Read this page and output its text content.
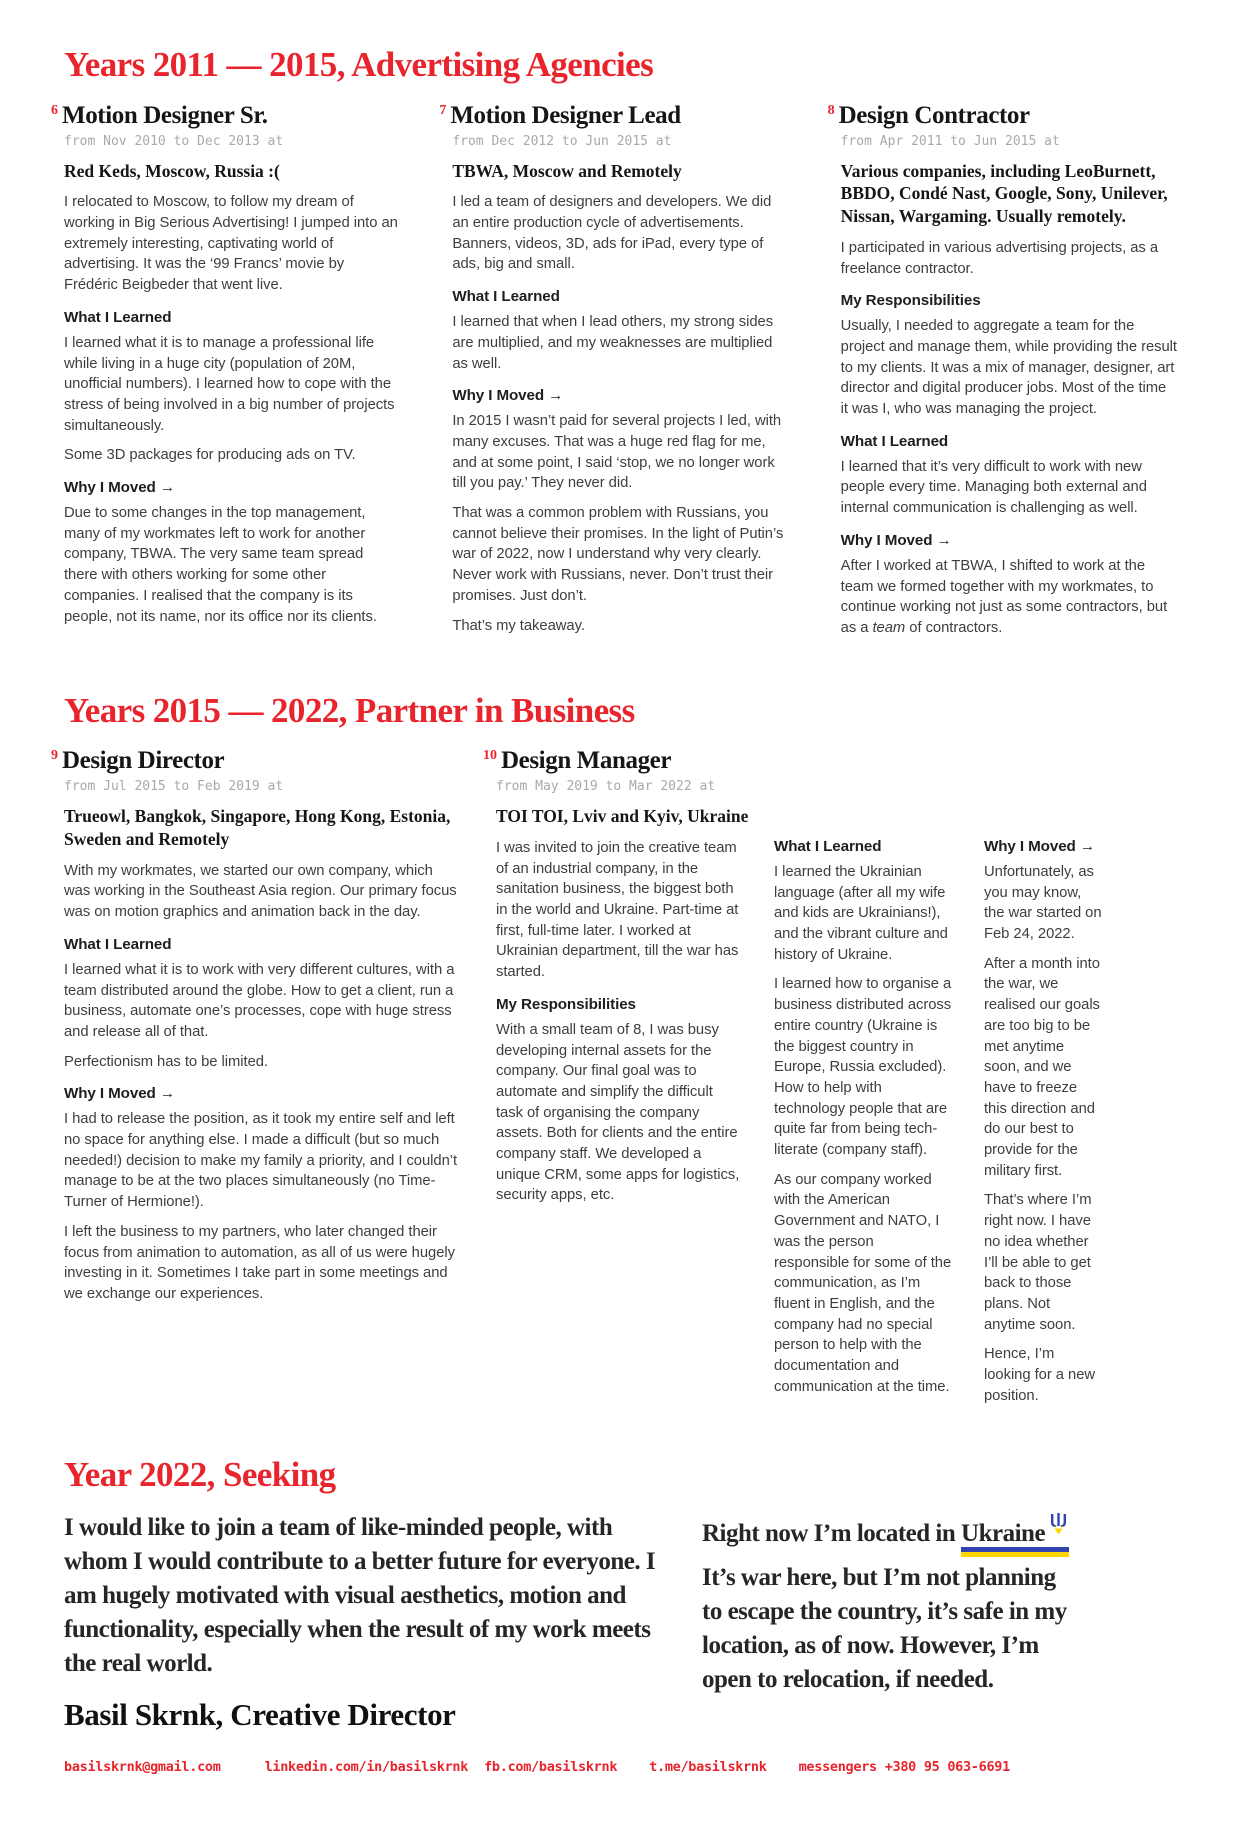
Years 2011 — 2015, Advertising Agencies
$^6$ Motion Designer Sr.
from Nov 2010 to Dec 2013 at
Red Keds, Moscow, Russia :(

I relocated to Moscow, to follow my dream of working in Big Serious Advertising! I jumped into an extremely interesting, captivating world of advertising. It was the ‘99 Francs’ movie by Frédéric Beigbeder that went live.

What I Learned

I learned what it is to manage a professional life while living in a huge city (population of 20M, unofficial numbers). I learned how to cope with the stress of being involved in a big number of projects simultaneously.

Some 3D packages for producing ads on TV.

Why I Moved →

Due to some changes in the top management, many of my workmates left to work for another company, TBWA. The very same team spread there with others working for some other companies. I realised that the company is its people, not its name, nor its office nor its clients.

$^7$ Motion Designer Lead
from Dec 2012 to Jun 2015 at
TBWA, Moscow and Remotely

I led a team of designers and developers. We did an entire production cycle of advertisements. Banners, videos, 3D, ads for iPad, every type of ads, big and small.

What I Learned

I learned that when I lead others, my strong sides are multiplied, and my weaknesses are multiplied as well.

Why I Moved →

In 2015 I wasn’t paid for several projects I led, with many excuses. That was a huge red flag for me, and at some point, I said ‘stop, we no longer work till you pay.’ They never did.

That was a common problem with Russians, you cannot believe their promises. In the light of Putin’s war of 2022, now I understand why very clearly. Never work with Russians, never. Don’t trust their promises. Just don’t.

That’s my takeaway.

$^8$ Design Contractor
from Apr 2011 to Jun 2015 at
Various companies, including LeoBurnett, BBDO, Condé Nast, Google, Sony, Unilever, Nissan, Wargaming. Usually remotely.

I participated in various advertising projects, as a freelance contractor.

My Responsibilities

Usually, I needed to aggregate a team for the project and manage them, while providing the result to my clients. It was a mix of manager, designer, art director and digital producer jobs. Most of the time it was I, who was managing the project.

What I Learned

I learned that it’s very difficult to work with new people every time. Managing both external and internal communication is challenging as well.

Why I Moved →

After I worked at TBWA, I shifted to work at the team we formed together with my workmates, to continue working not just as some contractors, but as a team of contractors.

Years 2015 — 2022, Partner in Business
$^9$ Design Director
from Jul 2015 to Feb 2019 at
Trueowl, Bangkok, Singapore, Hong Kong, Estonia, Sweden and Remotely

With my workmates, we started our own company, which was working in the Southeast Asia region. Our primary focus was on motion graphics and animation back in the day.

What I Learned

I learned what it is to work with very different cultures, with a team distributed around the globe. How to get a client, run a business, automate one’s processes, cope with huge stress and release all of that.

Perfectionism has to be limited.

Why I Moved →

I had to release the position, as it took my entire self and left no space for anything else. I made a difficult (but so much needed!) decision to make my family a priority, and I couldn’t manage to be at the two places simultaneously (no Time-Turner of Hermione!).

I left the business to my partners, who later changed their focus from animation to automation, as all of us were hugely investing in it. Sometimes I take part in some meetings and we exchange our experiences.

$^{10}$ Design Manager
from May 2019 to Mar 2022 at
TOI TOI, Lviv and Kyiv, Ukraine

I was invited to join the creative team of an industrial company, in the sanitation business, the biggest both in the world and Ukraine. Part-time at first, full-time later. I worked at Ukrainian department, till the war has started.

My Responsibilities

With a small team of 8, I was busy developing internal assets for the company. Our final goal was to automate and simplify the difficult task of organising the company assets. Both for clients and the entire company staff. We developed a unique CRM, some apps for logistics, security apps, etc.

What I Learned

I learned the Ukrainian language (after all my wife and kids are Ukrainians!), and the vibrant culture and history of Ukraine.

I learned how to organise a business distributed across entire country (Ukraine is the biggest country in Europe, Russia excluded). How to help with technology people that are quite far from being tech-literate (company staff).

As our company worked with the American Government and NATO, I was the person responsible for some of the communication, as I’m fluent in English, and the company had no special person to help with the documentation and communication at the time.

Why I Moved →

Unfortunately, as you may know, the war started on Feb 24, 2022.

After a month into the war, we realised our goals are too big to be met anytime soon, and we have to freeze this direction and do our best to provide for the military first.

That’s where I’m right now. I have no idea whether I’ll be able to get back to those plans. Not anytime soon.

Hence, I’m looking for a new position.

Year 2022, Seeking

I would like to join a team of like-minded people, with whom I would contribute to a better future for everyone. I am hugely motivated with visual aesthetics, motion and functionality, especially when the result of my work meets the real world.

Right now I’m located in Ukraine

It’s war here, but I’m not planning to escape the country, it’s safe in my location, as of now. However, I’m open to relocation, if needed.

Basil Skrnk, Creative Director
basilskrnk@gmail.com	linkedin.com/in/basilskrnk fb.com/basilskrnk t.me/basilskrnk messengers +380 95 063-6691
